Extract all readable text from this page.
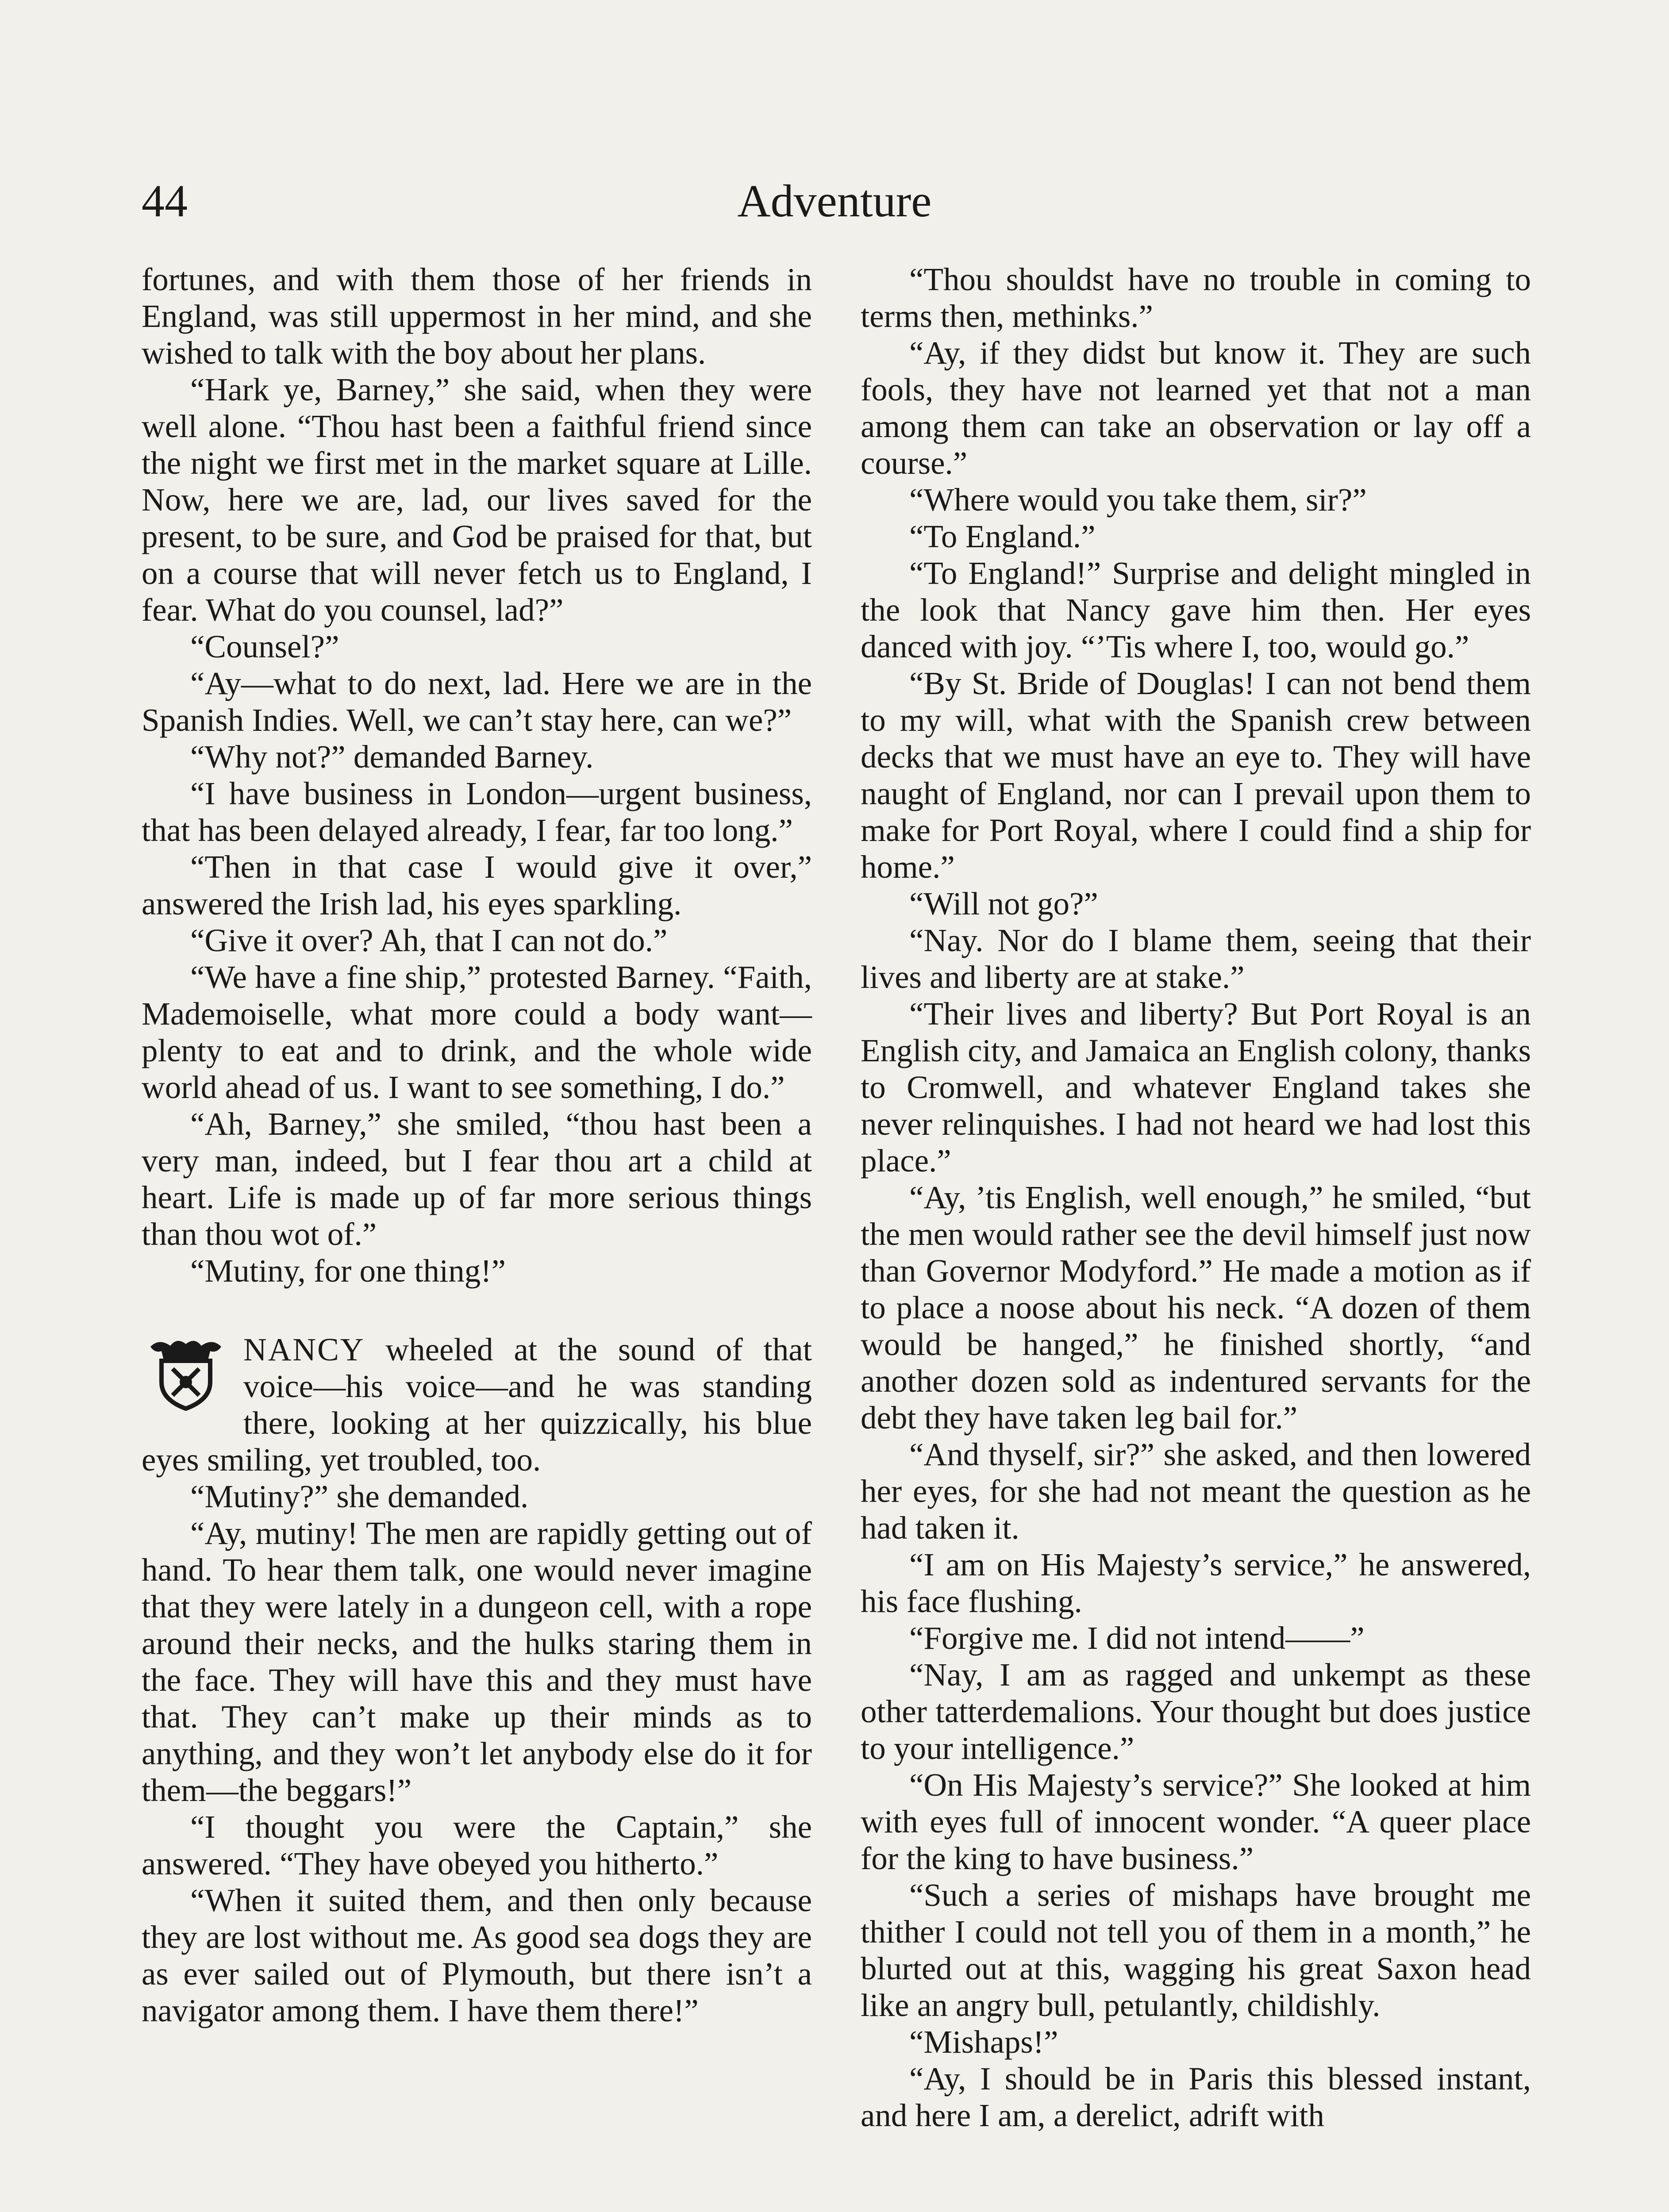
44	Adventure

fortunes, and with them those of her friends in England, was still uppermost in her mind, and she wished to talk with the boy about her plans.

“Hark ye, Barney,” she said, when they were well alone. “Thou hast been a faithful friend since the night we first met in the market square at Lille. Now, here we are, lad, our lives saved for the present, to be sure, and God be praised for that, but on a course that will never fetch us to England, I fear. What do you counsel, lad?”

“Counsel?”

“Ay—what to do next, lad. Here we are in the Spanish Indies. Well, we can’t stay here, can we?”

“Why not?” demanded Barney.

“I have business in London—urgent business, that has been delayed already, I fear, far too long.”

“Then in that case I would give it over,” answered the Irish lad, his eyes sparkling.

“Give it over? Ah, that I can not do.”

“We have a fine ship,” protested Barney. “Faith, Mademoiselle, what more could a body want—plenty to eat and to drink, and the whole wide world ahead of us. I want to see something, I do.”

“Ah, Barney,” she smiled, “thou hast been a very man, indeed, but I fear thou art a child at heart. Life is made up of far more serious things than thou wot of.”

“Mutiny, for one thing!”

NANCY wheeled at the sound of that voice—his voice—and he was standing there, looking at her quizzically, his blue eyes smiling, yet troubled, too.

“Mutiny?” she demanded.

“Ay, mutiny! The men are rapidly getting out of hand. To hear them talk, one would never imagine that they were lately in a dungeon cell, with a rope around their necks, and the hulks staring them in the face. They will have this and they must have that. They can’t make up their minds as to anything, and they won’t let anybody else do it for them—the beggars!”

“I thought you were the Captain,” she answered. “They have obeyed you hitherto.”

“When it suited them, and then only because they are lost without me. As good sea dogs they are as ever sailed out of Plymouth, but there isn’t a navigator among them. I have them there!”

“Thou shouldst have no trouble in coming to terms then, methinks.”

“Ay, if they didst but know it. They are such fools, they have not learned yet that not a man among them can take an observation or lay off a course.”

“Where would you take them, sir?”

“To England.”

“To England!” Surprise and delight mingled in the look that Nancy gave him then. Her eyes danced with joy. “’Tis where I, too, would go.”

“By St. Bride of Douglas! I can not bend them to my will, what with the Spanish crew between decks that we must have an eye to. They will have naught of England, nor can I prevail upon them to make for Port Royal, where I could find a ship for home.”

“Will not go?”

“Nay. Nor do I blame them, seeing that their lives and liberty are at stake.”

“Their lives and liberty? But Port Royal is an English city, and Jamaica an English colony, thanks to Cromwell, and whatever England takes she never relinquishes. I had not heard we had lost this place.”

“Ay, ’tis English, well enough,” he smiled, “but the men would rather see the devil himself just now than Governor Modyford.” He made a motion as if to place a noose about his neck. “A dozen of them would be hanged,” he finished shortly, “and another dozen sold as indentured servants for the debt they have taken leg bail for.”

“And thyself, sir?” she asked, and then lowered her eyes, for she had not meant the question as he had taken it.

“I am on His Majesty’s service,” he answered, his face flushing.

“Forgive me. I did not intend——”

“Nay, I am as ragged and unkempt as these other tatterdemalions. Your thought but does justice to your intelligence.”

“On His Majesty’s service?” She looked at him with eyes full of innocent wonder. “A queer place for the king to have business.”

“Such a series of mishaps have brought me thither I could not tell you of them in a month,” he blurted out at this, wagging his great Saxon head like an angry bull, petulantly, childishly.

“Mishaps!”

“Ay, I should be in Paris this blessed instant, and here I am, a derelict, adrift with
